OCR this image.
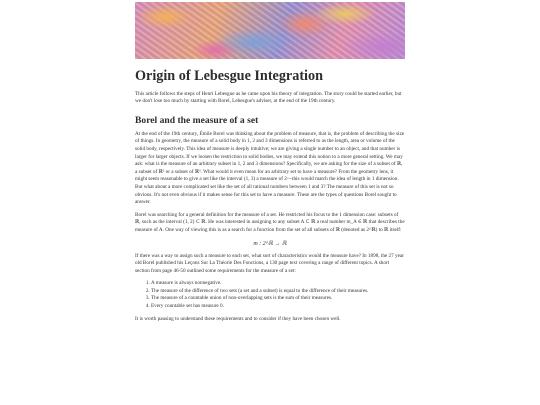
Origin of Lebesgue Integration

This article follows the steps of Henri Lebesgue as he came upon his theory of integration. The story could be started earlier, but we don't lose too much by starting with Borel, Lebesgue's adviser, at the end of the 19th century.

Borel and the measure of a set

At the end of the 19th century, Émile Borel was thinking about the problem of measure, that is, the problem of describing the size of things. In geometry, the measure of a solid body in 1, 2 and 3 dimensions is referred to as the length, area or volume of the solid body, respectively. This idea of measure is deeply intuitive; we are giving a single number to an object, and that number is larger for larger objects. If we loosen the restriction to solid bodies, we may extend this notion to a more general setting. We may ask: what is the measure of an arbitrary subset in 1, 2 and 3 dimensions? Specifically, we are asking for the size of a subset of ℝ, a subset of ℝ² or a subset of ℝ³. What would it even mean for an arbitrary set to have a measure? From the geometry lens, it might seem reasonable to give a set like the interval (1, 3) a measure of 2—this would match the idea of length in 1 dimension. But what about a more complicated set like the set of all rational numbers between 1 and 3? The measure of this set is not so obvious. It's not even obvious if it makes sense for this set to have a measure. These are the types of questions Borel sought to answer.

Borel was searching for a general definition for the measure of a set. He restricted his focus to the 1 dimension case: subsets of ℝ, such as the interval (1, 2) ⊂ ℝ. He was interested in assigning to any subset A ⊂ ℝ a real number m_A ∈ ℝ that describes the measure of A. One way of viewing this is as a search for a function from the set of all subsets of ℝ (denoted as 2^ℝ) to ℝ itself:

m : 2^ℝ → ℝ

If there was a way to assign such a measure to each set, what sort of characteristics would the measure have? In 1898, the 27 year old Borel published his Leçons Sur La Théorie Des Fonctions, a 130 page text covering a range of different topics. A short section from page 46-50 outlined some requirements for the measure of a set:

1. A measure is always nonnegative.
2. The measure of the difference of two sets (a set and a subset) is equal to the difference of their measures.
3. The measure of a countable union of non-overlapping sets is the sum of their measures.
4. Every countable set has measure 0.

It is worth pausing to understand these requirements and to consider if they have been chosen well.
